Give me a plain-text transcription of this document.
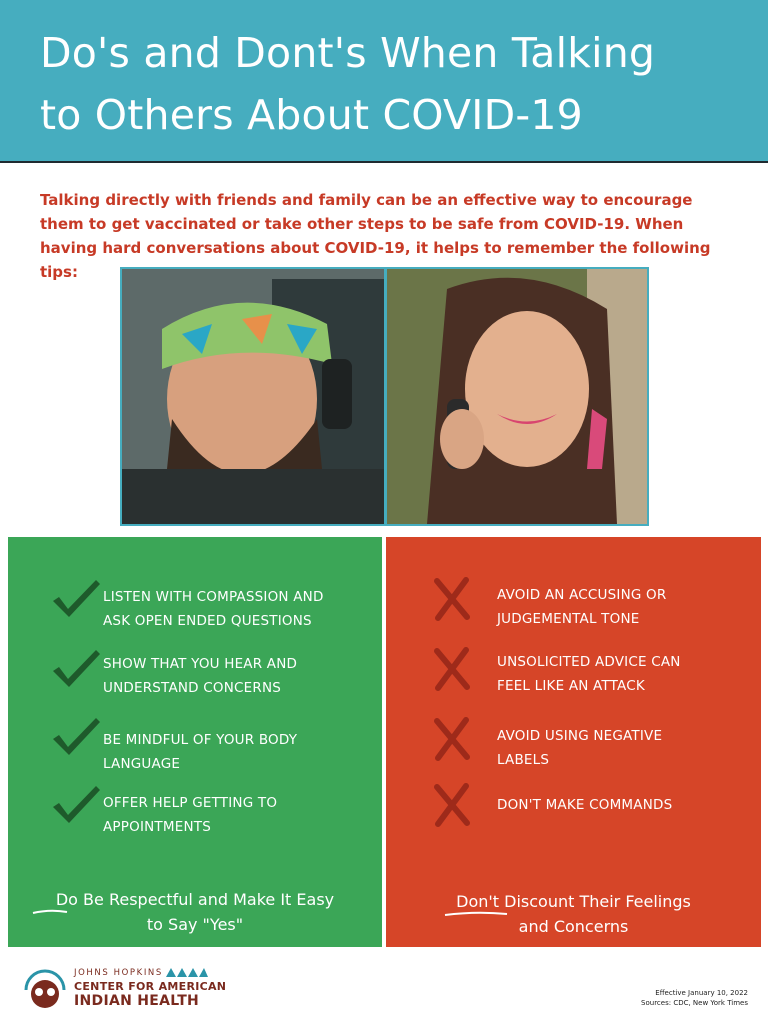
Do's and Dont's When Talking
to Others About COVID-19

Talking directly with friends and family can be an effective way to encourage them to get vaccinated or take other steps to be safe from COVID-19. When having hard conversations about COVID-19, it helps to remember the following tips:

LISTEN WITH COMPASSION AND
ASK OPEN ENDED QUESTIONS
SHOW THAT YOU HEAR AND
UNDERSTAND CONCERNS
BE MINDFUL OF YOUR BODY
LANGUAGE
OFFER HELP GETTING TO
APPOINTMENTS
Do Be Respectful and Make It Easy
to Say "Yes"
AVOID AN ACCUSING OR
JUDGEMENTAL TONE
UNSOLICITED ADVICE CAN
FEEL LIKE AN ATTACK
AVOID USING NEGATIVE
LABELS
DON'T MAKE COMMANDS
Don't Discount Their Feelings
and Concerns
JOHNS HOPKINS
CENTER FOR AMERICAN
INDIAN HEALTH	Effective January 10, 2022
Sources: CDC, New York Times
